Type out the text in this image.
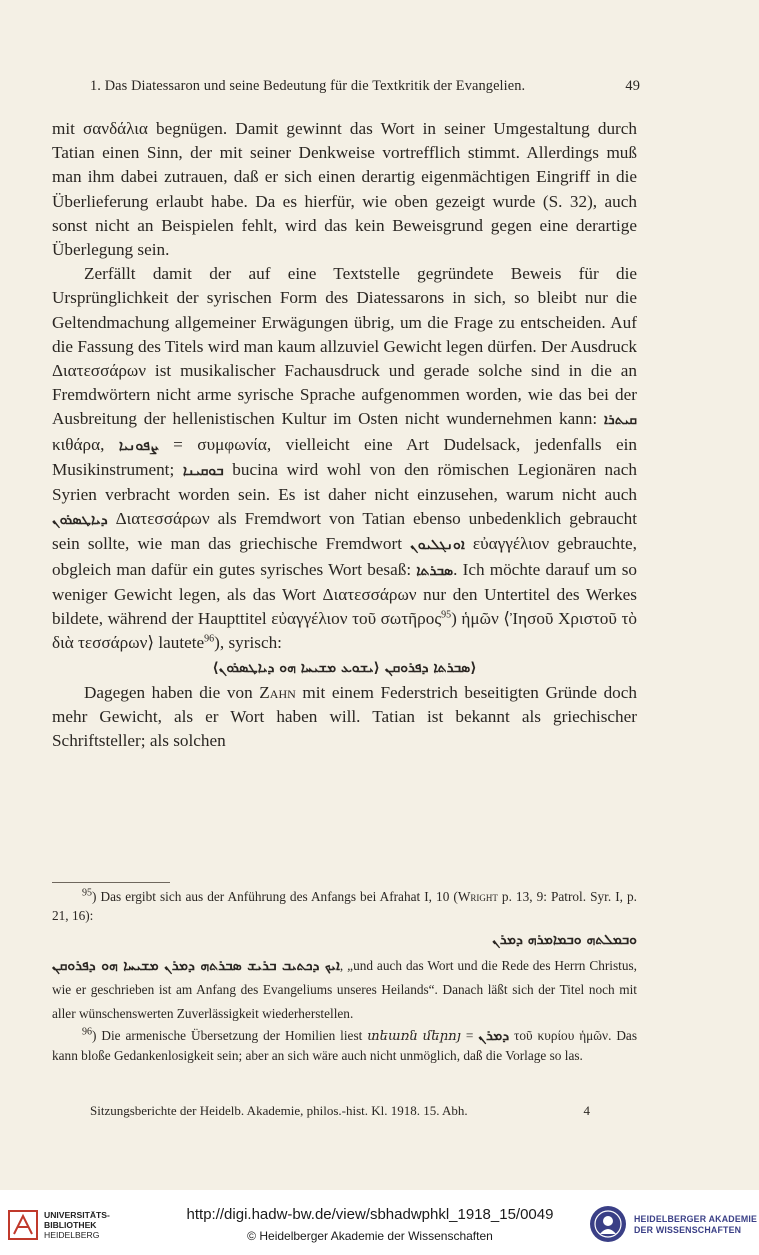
1. Das Diatessaron und seine Bedeutung für die Textkritik der Evangelien.	49

mit σανδάλια begnügen. Damit gewinnt das Wort in seiner Umgestaltung durch Tatian einen Sinn, der mit seiner Denkweise vortrefflich stimmt. Allerdings muß man ihm dabei zutrauen, daß er sich einen derartig eigenmächtigen Eingriff in die Überlieferung erlaubt habe. Da es hierfür, wie oben gezeigt wurde (S. 32), auch sonst nicht an Beispielen fehlt, wird das kein Beweisgrund gegen eine derartige Überlegung sein.

Zerfällt damit der auf eine Textstelle gegründete Beweis für die Ursprünglichkeit der syrischen Form des Diatessarons in sich, so bleibt nur die Geltendmachung allgemeiner Erwägungen übrig, um die Frage zu entscheiden. Auf die Fassung des Titels wird man kaum allzuviel Gewicht legen dürfen. Der Ausdruck Διατεσσάρων ist musikalischer Fachausdruck und gerade solche sind in die an Fremdwörtern nicht arme syrische Sprache aufgenommen worden, wie das bei der Ausbreitung der hellenistischen Kultur im Osten nicht wundernehmen kann: ܩܝܬܪܐ κιθάρα, ܨܦܘܢܝܐ = συμφωνία, vielleicht eine Art Dudelsack, jedenfalls ein Musikinstrument; ܒܘܩܝܢܐ bucina wird wohl von den römischen Legionären nach Syrien verbracht worden sein. Es ist daher nicht einzusehen, warum nicht auch ܕܝܐܛܣܪܘܢ Διατεσσάρων als Fremdwort von Tatian ebenso unbedenklich gebraucht sein sollte, wie man das griechische Fremdwort ܐܘܢܓܠܝܘܢ εὐαγγέλιον gebrauchte, obgleich man dafür ein gutes syrisches Wort besaß: ܣܒܪܬܐ. Ich möchte darauf um so weniger Gewicht legen, als das Wort Διατεσσάρων nur den Untertitel des Werkes bildete, während der Haupttitel εὐαγγέλιον τοῦ σωτῆρος$^{95}$) ἡμῶν ⟨Ἰησοῦ Χριστοῦ τὸ διὰ τεσσάρων⟩ lautete$^{96}$), syrisch:

⟨ܣܒܪܬܐ ܕܦܪܘܩܢ ⟨ܝܫܘܥ ܡܫܝܚܐ ܗܘ ܕܝܐܛܣܪܘܢ⟩

Dagegen haben die von Zahn mit einem Federstrich beseitigten Gründe doch mehr Gewicht, als er Wort haben will. Tatian ist bekannt als griechischer Schriftsteller; als solchen

$^{95}$) Das ergibt sich aus der Anführung des Anfangs bei Afrahat I, 10 (Wright p. 13, 9: Patrol. Syr. I, p. 21, 16):

ܘܒܡܠܬܗ ܘܒܡܐܡܪܗ ܕܡܪܢ

ܐܝܟ ܕܟܬܝܒ ܒܪܝܫ ܣܒܪܬܗ ܕܡܪܢ ܡܫܝܚܐ ܗܘ ܕܦܪܘܩܢ, „und auch das Wort und die Rede des Herrn Christus, wie er geschrieben ist am Anfang des Evangeliums unseres Heilands“. Danach läßt sich der Titel noch mit aller wünschenswerten Zuverlässigkeit wiederherstellen.

$^{96}$) Die armenische Übersetzung der Homilien liest տեառն մերոյ = ܕܡܪܢ τοῦ κυρίου ἡμῶν. Das kann bloße Gedankenlosigkeit sein; aber an sich wäre auch nicht unmöglich, daß die Vorlage so las.

Sitzungsberichte der Heidelb. Akademie, philos.-hist. Kl. 1918. 15. Abh.	4
UNIVERSITÄTS-
BIBLIOTHEK
HEIDELBERG
http://digi.hadw-bw.de/view/sbhadwphkl_1918_15/0049
© Heidelberger Akademie der Wissenschaften
HEIDELBERGER AKADEMIE
DER WISSENSCHAFTEN
